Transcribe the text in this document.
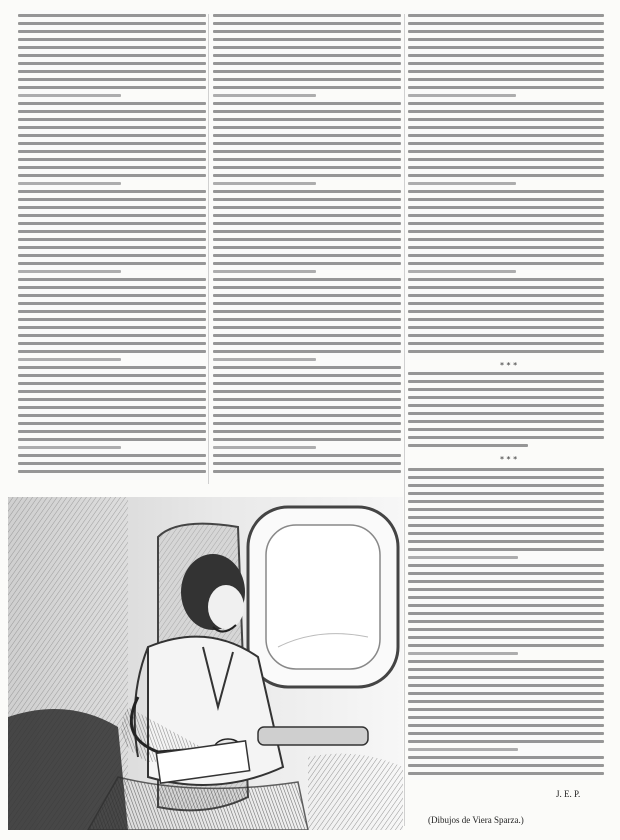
* * *
* * *
J. E. P.
(Dibujos de Viera Sparza.)
